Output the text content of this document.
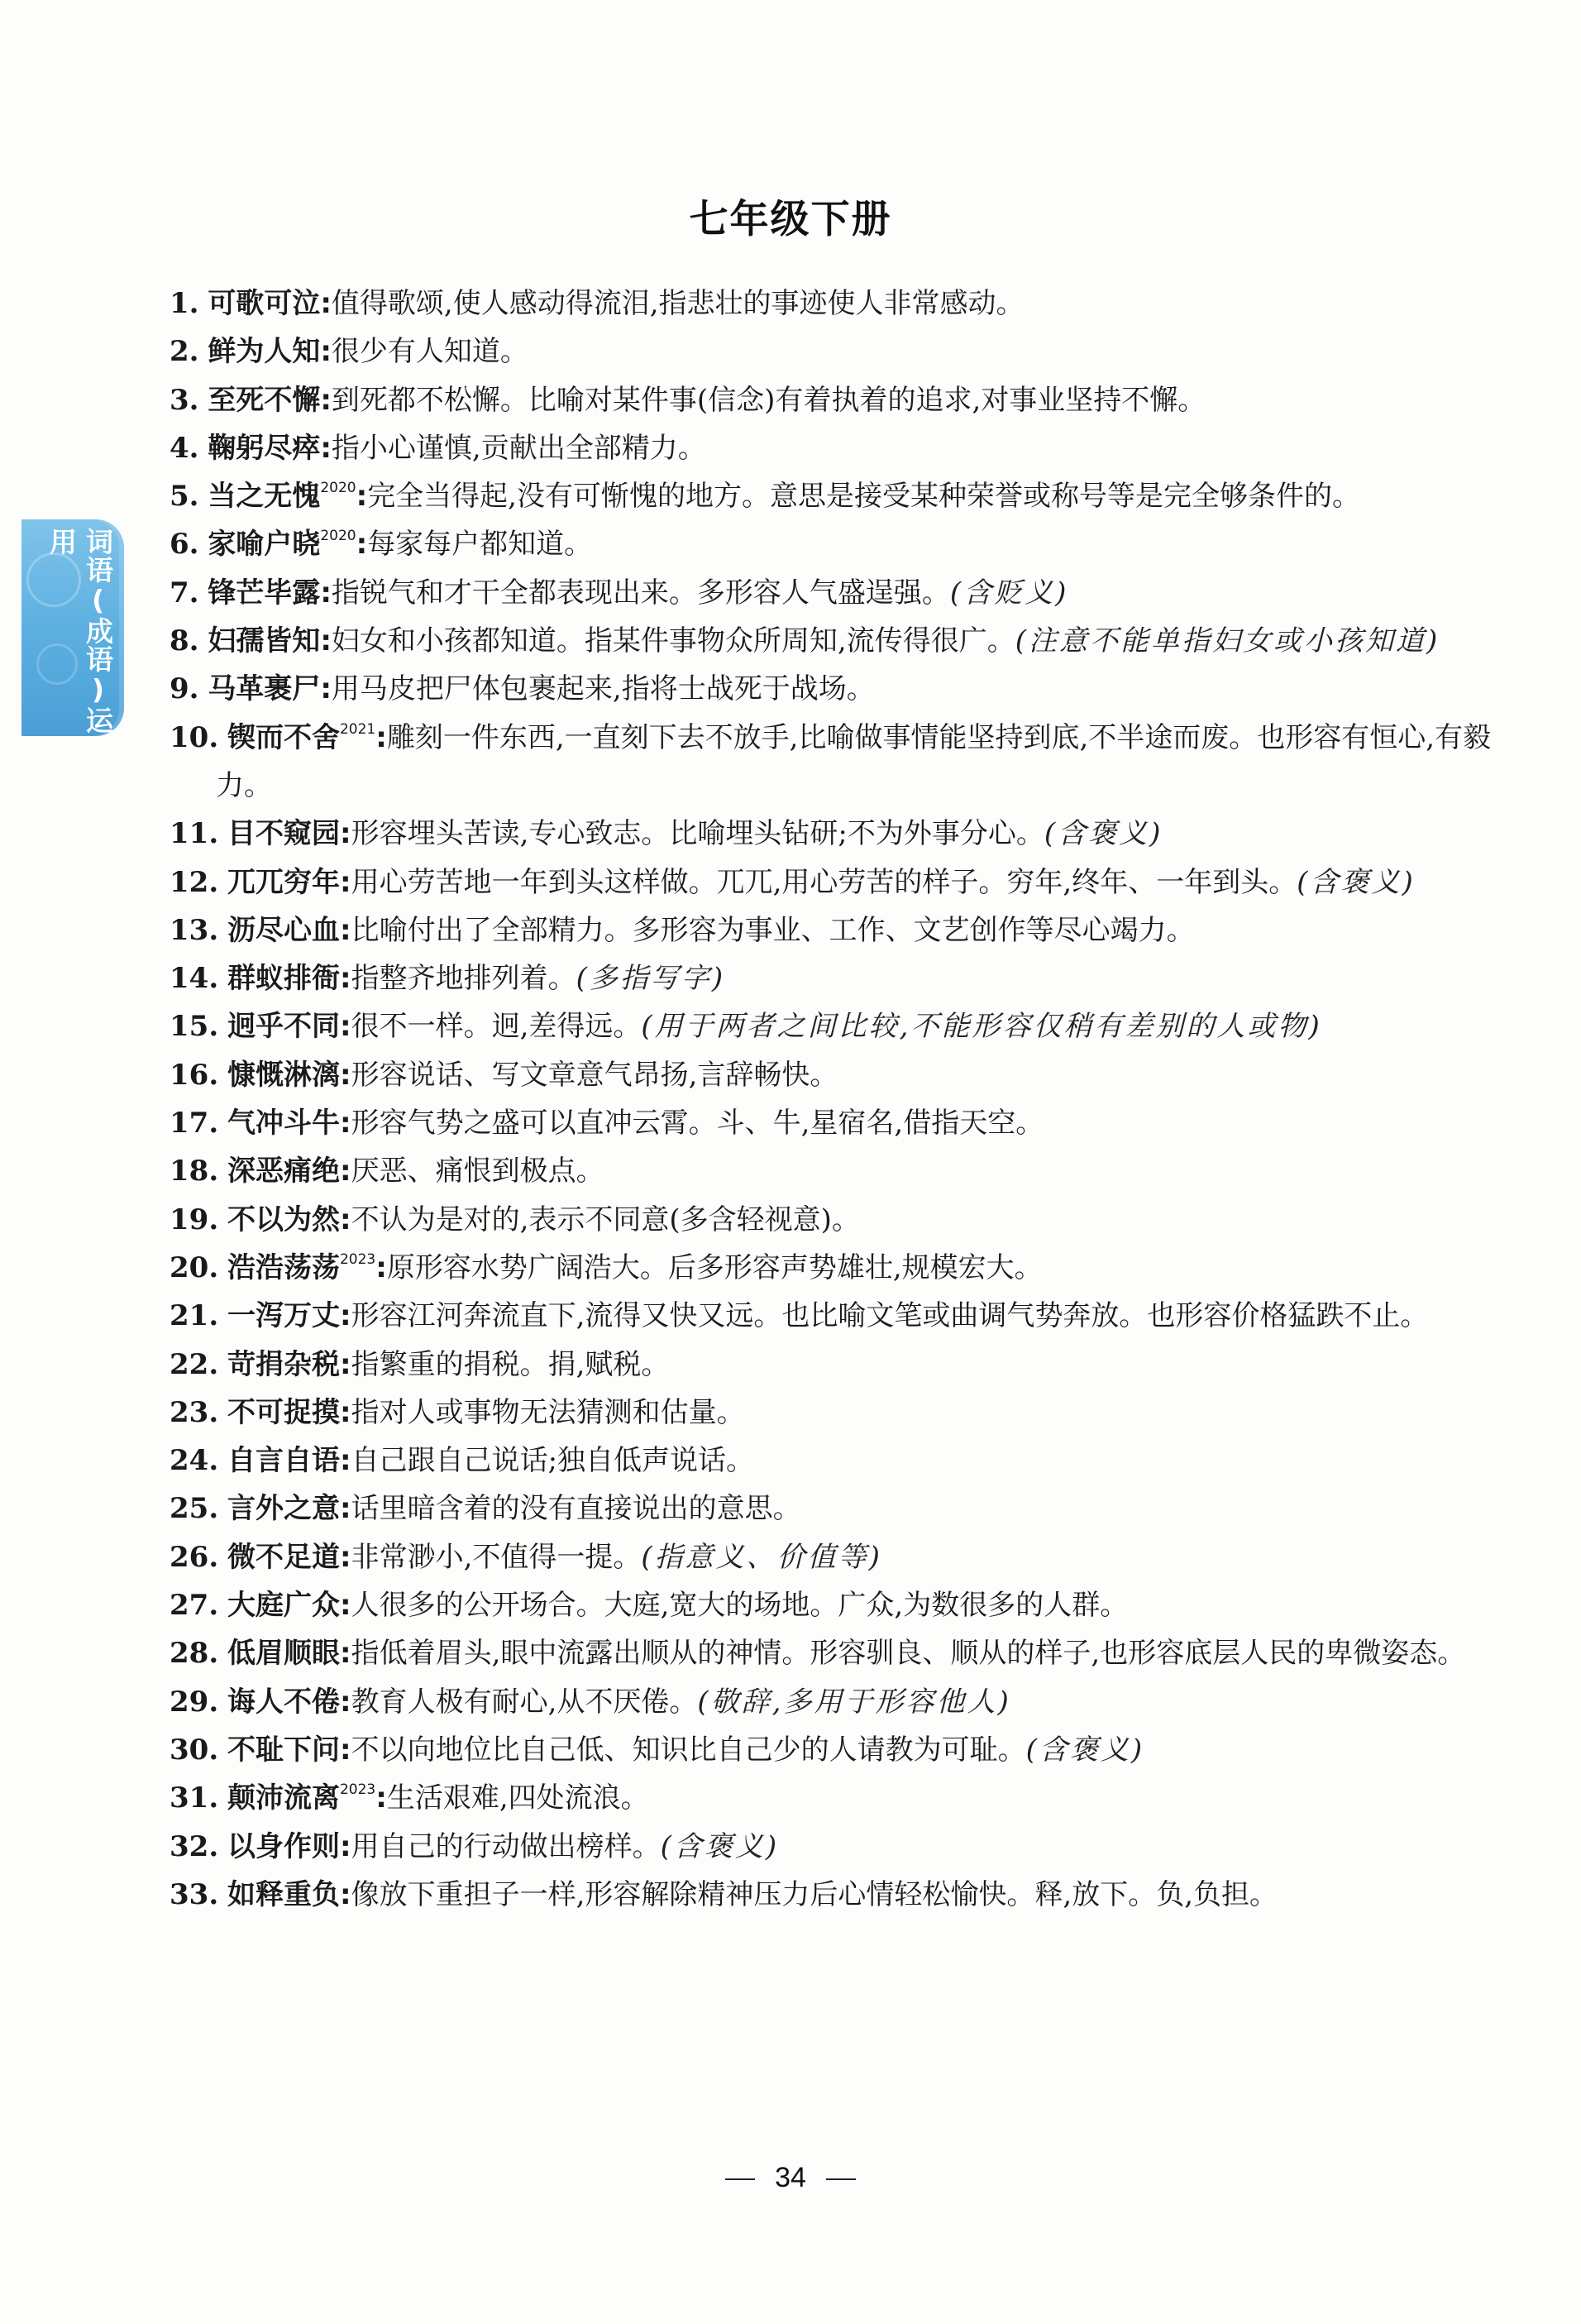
七年级下册
词语(成语)运用

1. 可歌可泣:值得歌颂,使人感动得流泪,指悲壮的事迹使人非常感动。

2. 鲜为人知:很少有人知道。

3. 至死不懈:到死都不松懈。比喻对某件事(信念)有着执着的追求,对事业坚持不懈。

4. 鞠躬尽瘁:指小心谨慎,贡献出全部精力。

5. 当之无愧$^{2020}$:完全当得起,没有可惭愧的地方。意思是接受某种荣誉或称号等是完全够条件的。

6. 家喻户晓$^{2020}$:每家每户都知道。

7. 锋芒毕露:指锐气和才干全都表现出来。多形容人气盛逞强。(含贬义)

8. 妇孺皆知:妇女和小孩都知道。指某件事物众所周知,流传得很广。(注意不能单指妇女或小孩知道)

9. 马革裹尸:用马皮把尸体包裹起来,指将士战死于战场。

10. 锲而不舍$^{2021}$:雕刻一件东西,一直刻下去不放手,比喻做事情能坚持到底,不半途而废。也形容有恒心,有毅力。

11. 目不窥园:形容埋头苦读,专心致志。比喻埋头钻研;不为外事分心。(含褒义)

12. 兀兀穷年:用心劳苦地一年到头这样做。兀兀,用心劳苦的样子。穷年,终年、一年到头。(含褒义)

13. 沥尽心血:比喻付出了全部精力。多形容为事业、工作、文艺创作等尽心竭力。

14. 群蚁排衙:指整齐地排列着。(多指写字)

15. 迥乎不同:很不一样。迥,差得远。(用于两者之间比较,不能形容仅稍有差别的人或物)

16. 慷慨淋漓:形容说话、写文章意气昂扬,言辞畅快。

17. 气冲斗牛:形容气势之盛可以直冲云霄。斗、牛,星宿名,借指天空。

18. 深恶痛绝:厌恶、痛恨到极点。

19. 不以为然:不认为是对的,表示不同意(多含轻视意)。

20. 浩浩荡荡$^{2023}$:原形容水势广阔浩大。后多形容声势雄壮,规模宏大。

21. 一泻万丈:形容江河奔流直下,流得又快又远。也比喻文笔或曲调气势奔放。也形容价格猛跌不止。

22. 苛捐杂税:指繁重的捐税。捐,赋税。

23. 不可捉摸:指对人或事物无法猜测和估量。

24. 自言自语:自己跟自己说话;独自低声说话。

25. 言外之意:话里暗含着的没有直接说出的意思。

26. 微不足道:非常渺小,不值得一提。(指意义、价值等)

27. 大庭广众:人很多的公开场合。大庭,宽大的场地。广众,为数很多的人群。

28. 低眉顺眼:指低着眉头,眼中流露出顺从的神情。形容驯良、顺从的样子,也形容底层人民的卑微姿态。

29. 诲人不倦:教育人极有耐心,从不厌倦。(敬辞,多用于形容他人)

30. 不耻下问:不以向地位比自己低、知识比自己少的人请教为可耻。(含褒义)

31. 颠沛流离$^{2023}$:生活艰难,四处流浪。

32. 以身作则:用自己的行动做出榜样。(含褒义)

33. 如释重负:像放下重担子一样,形容解除精神压力后心情轻松愉快。释,放下。负,负担。

34
